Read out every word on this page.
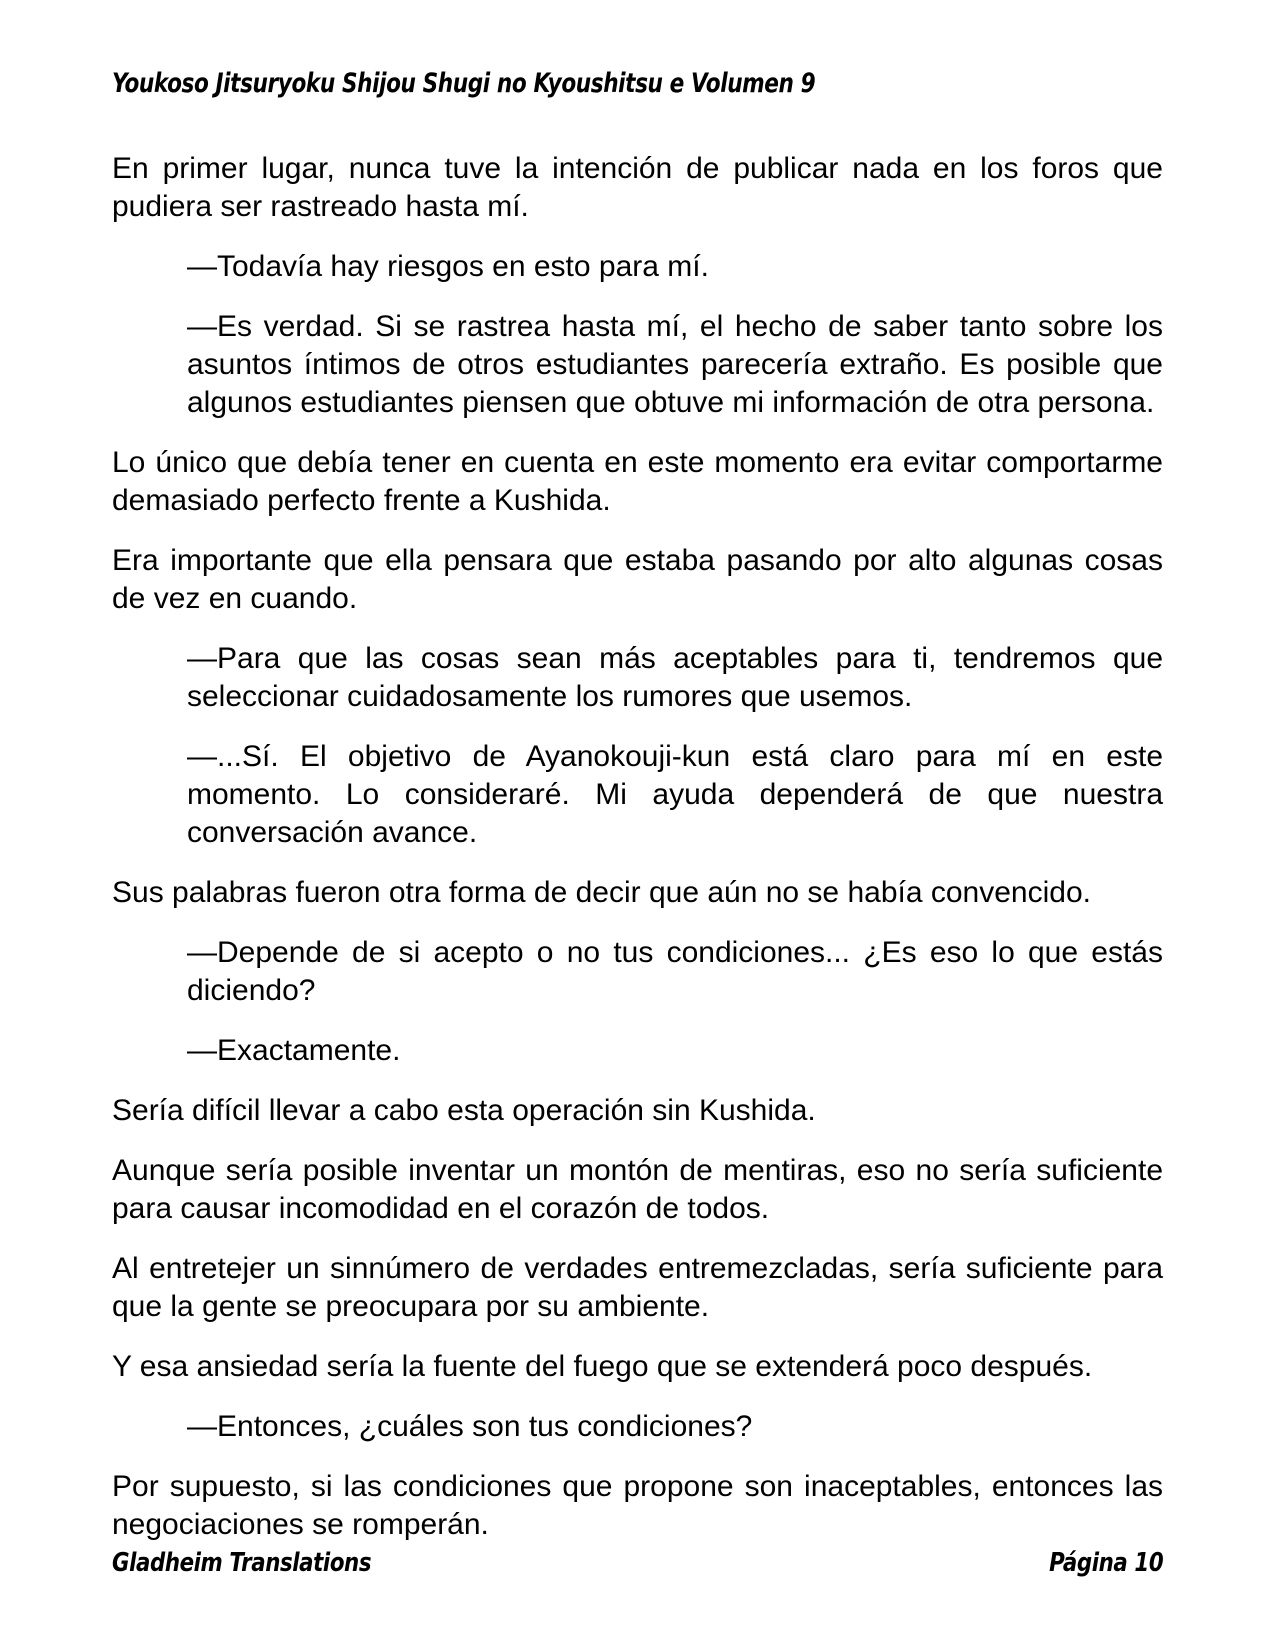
Youkoso Jitsuryoku Shijou Shugi no Kyoushitsu e Volumen 9

En primer lugar, nunca tuve la intención de publicar nada en los foros que pudiera ser rastreado hasta mí.

—Todavía hay riesgos en esto para mí.

—Es verdad. Si se rastrea hasta mí, el hecho de saber tanto sobre los asuntos íntimos de otros estudiantes parecería extraño. Es posible que algunos estudiantes piensen que obtuve mi información de otra persona.

Lo único que debía tener en cuenta en este momento era evitar comportarme demasiado perfecto frente a Kushida.

Era importante que ella pensara que estaba pasando por alto algunas cosas de vez en cuando.

—Para que las cosas sean más aceptables para ti, tendremos que seleccionar cuidadosamente los rumores que usemos.

—...Sí. El objetivo de Ayanokouji-kun está claro para mí en este momento. Lo consideraré. Mi ayuda dependerá de que nuestra conversación avance.

Sus palabras fueron otra forma de decir que aún no se había convencido.

—Depende de si acepto o no tus condiciones... ¿Es eso lo que estás diciendo?

—Exactamente.

Sería difícil llevar a cabo esta operación sin Kushida.

Aunque sería posible inventar un montón de mentiras, eso no sería suficiente para causar incomodidad en el corazón de todos.

Al entretejer un sinnúmero de verdades entremezcladas, sería suficiente para que la gente se preocupara por su ambiente.

Y esa ansiedad sería la fuente del fuego que se extenderá poco después.

—Entonces, ¿cuáles son tus condiciones?

Por supuesto, si las condiciones que propone son inaceptables, entonces las negociaciones se romperán.

Gladheim Translations	Página 10
